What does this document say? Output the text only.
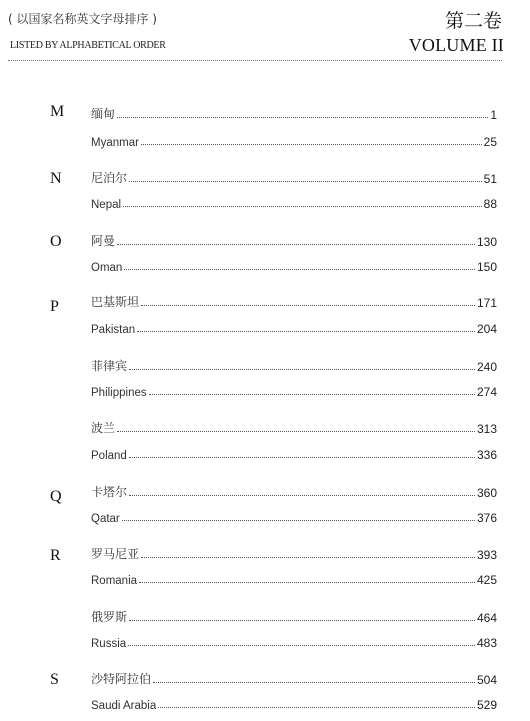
( 以国家名称英文字母排序 )
LISTED BY ALPHABETICAL ORDER
第二卷
VOLUME II
M
N
O
P
Q
R
S
缅甸	1
Myanmar	25
尼泊尔	51
Nepal	88
阿曼	130
Oman	150
巴基斯坦	171
Pakistan	204
菲律宾	240
Philippines	274
波兰	313
Poland	336
卡塔尔	360
Qatar	376
罗马尼亚	393
Romania	425
俄罗斯	464
Russia	483
沙特阿拉伯	504
Saudi Arabia	529
